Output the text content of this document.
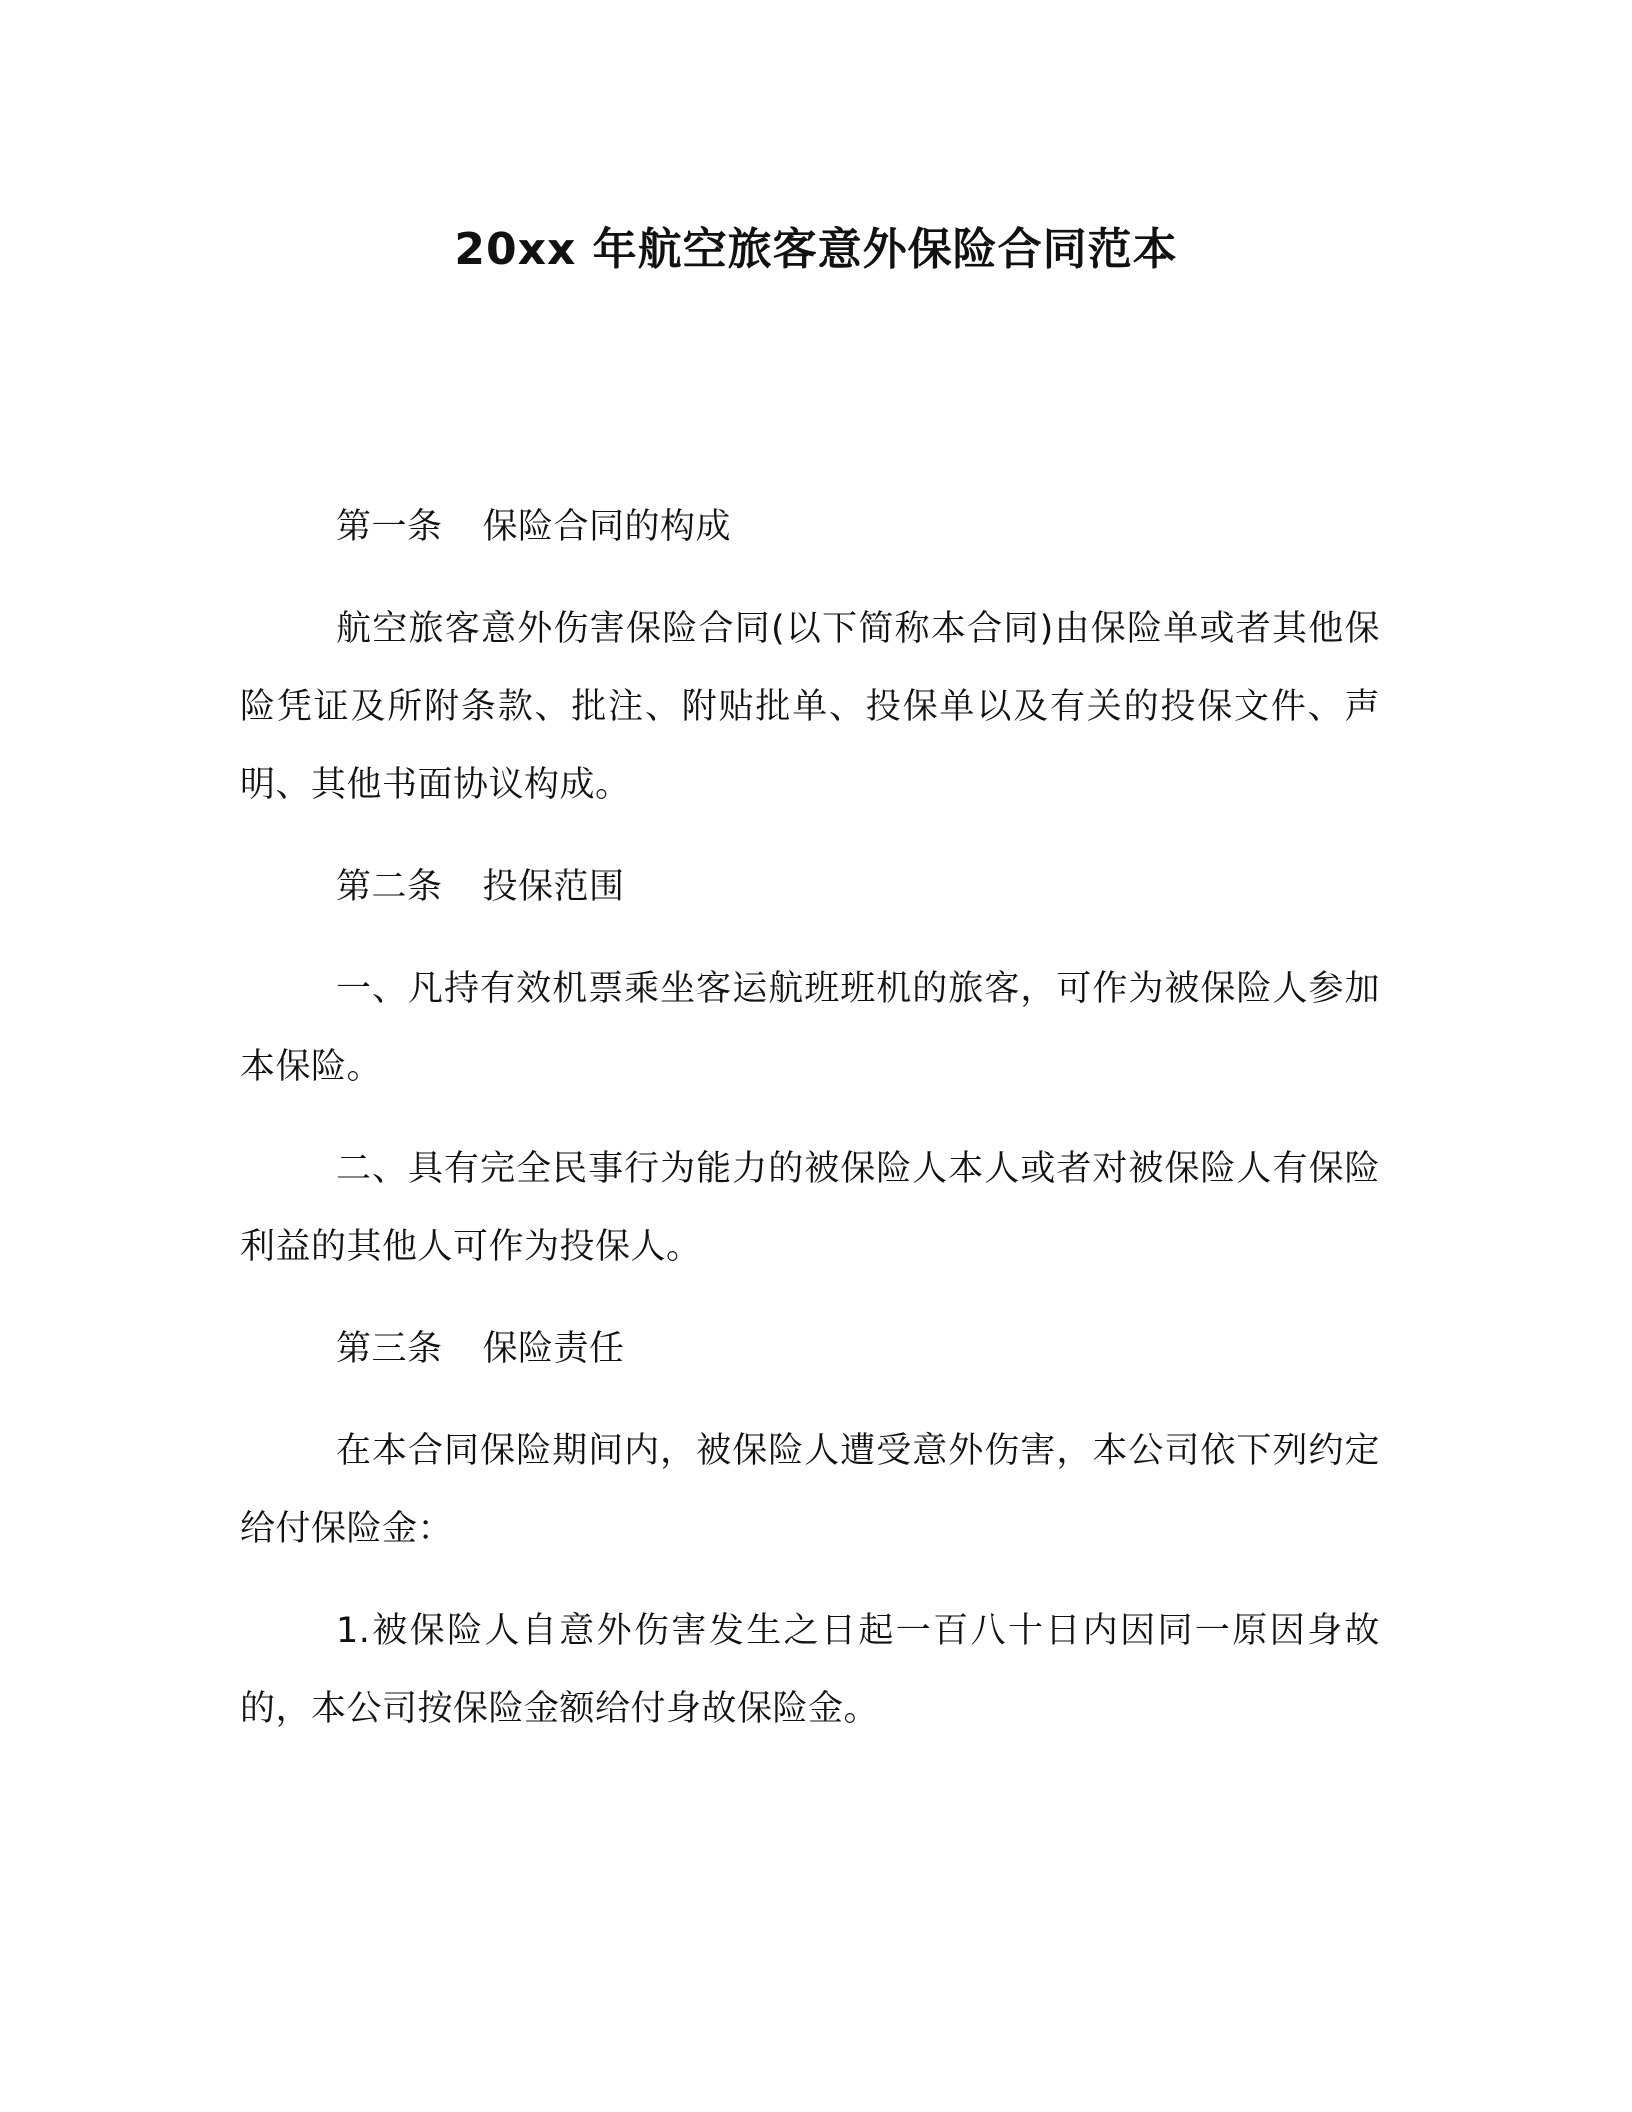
20xx 年航空旅客意外保险合同范本

第一条 保险合同的构成

航空旅客意外伤害保险合同(以下简称本合同)由保险单或者其他保险凭证及所附条款、批注、附贴批单、投保单以及有关的投保文件、声明、其他书面协议构成。

第二条 投保范围

一、凡持有效机票乘坐客运航班班机的旅客，可作为被保险人参加本保险。

二、具有完全民事行为能力的被保险人本人或者对被保险人有保险利益的其他人可作为投保人。

第三条 保险责任

在本合同保险期间内，被保险人遭受意外伤害，本公司依下列约定给付保险金：

1.被保险人自意外伤害发生之日起一百八十日内因同一原因身故的，本公司按保险金额给付身故保险金。
